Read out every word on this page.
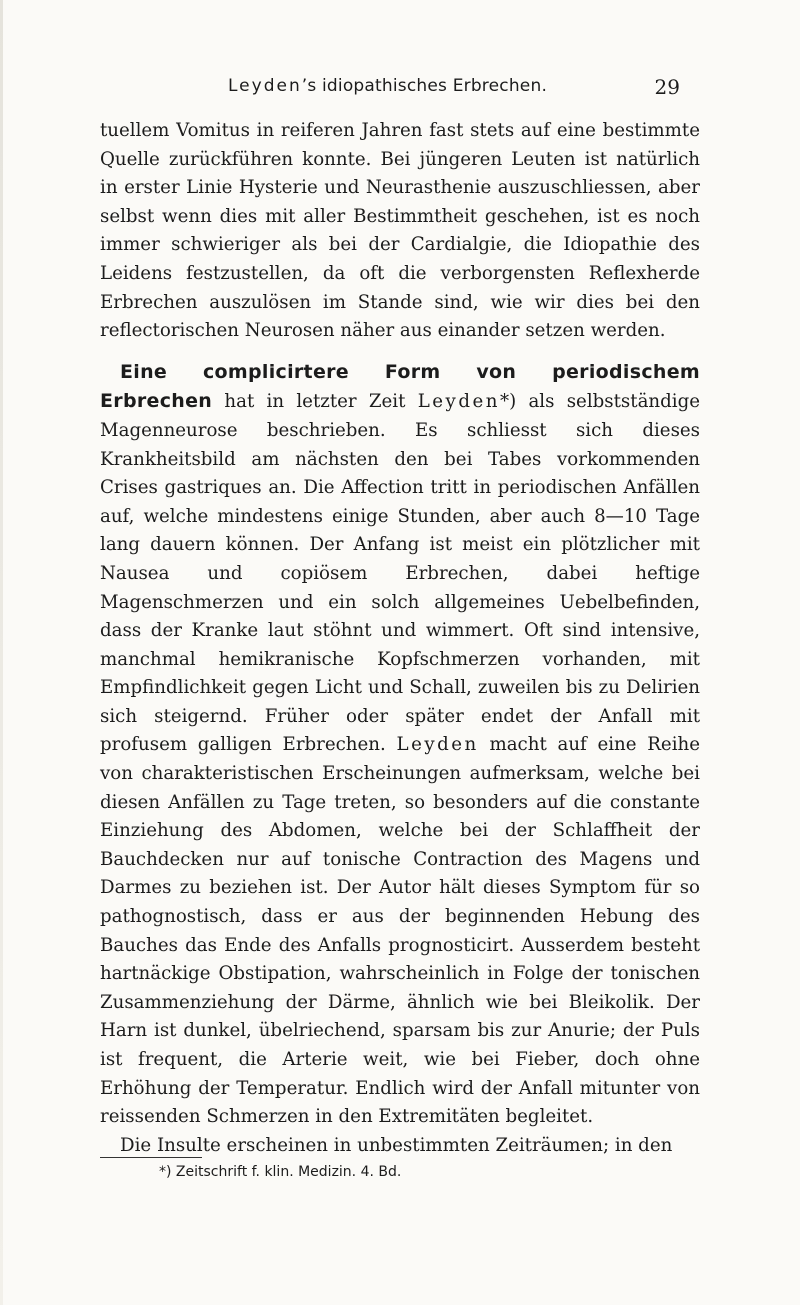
Leyden’s idiopathisches Erbrechen.	29

tuellem Vomitus in reiferen Jahren fast stets auf eine bestimmte Quelle zurückführen konnte. Bei jüngeren Leuten ist natürlich in erster Linie Hysterie und Neurasthenie auszuschliessen, aber selbst wenn dies mit aller Bestimmtheit geschehen, ist es noch immer schwieriger als bei der Cardialgie, die Idiopathie des Leidens festzustellen, da oft die verborgensten Reflexherde Erbrechen auszulösen im Stande sind, wie wir dies bei den reflectorischen Neurosen näher aus einander setzen werden.

Eine complicirtere Form von periodischem Erbrechen hat in letzter Zeit Leyden*) als selbstständige Magenneurose beschrieben. Es schliesst sich dieses Krankheitsbild am nächsten den bei Tabes vorkommenden Crises gastriques an. Die Affection tritt in periodischen Anfällen auf, welche mindestens einige Stunden, aber auch 8—10 Tage lang dauern können. Der Anfang ist meist ein plötzlicher mit Nausea und copiösem Erbrechen, dabei heftige Magenschmerzen und ein solch allgemeines Uebelbefinden, dass der Kranke laut stöhnt und wimmert. Oft sind intensive, manchmal hemikranische Kopfschmerzen vorhanden, mit Empfindlichkeit gegen Licht und Schall, zuweilen bis zu Delirien sich steigernd. Früher oder später endet der Anfall mit profusem galligen Erbrechen. Leyden macht auf eine Reihe von charakteristischen Erscheinungen aufmerksam, welche bei diesen Anfällen zu Tage treten, so besonders auf die constante Einziehung des Abdomen, welche bei der Schlaffheit der Bauchdecken nur auf tonische Contraction des Magens und Darmes zu beziehen ist. Der Autor hält dieses Symptom für so pathognostisch, dass er aus der beginnenden Hebung des Bauches das Ende des Anfalls prognosticirt. Ausserdem besteht hartnäckige Obstipation, wahrscheinlich in Folge der tonischen Zusammenziehung der Därme, ähnlich wie bei Bleikolik. Der Harn ist dunkel, übelriechend, sparsam bis zur Anurie; der Puls ist frequent, die Arterie weit, wie bei Fieber, doch ohne Erhöhung der Temperatur. Endlich wird der Anfall mitunter von reissenden Schmerzen in den Extremitäten begleitet.

Die Insulte erscheinen in unbestimmten Zeiträumen; in den

*) Zeitschrift f. klin. Medizin. 4. Bd.
